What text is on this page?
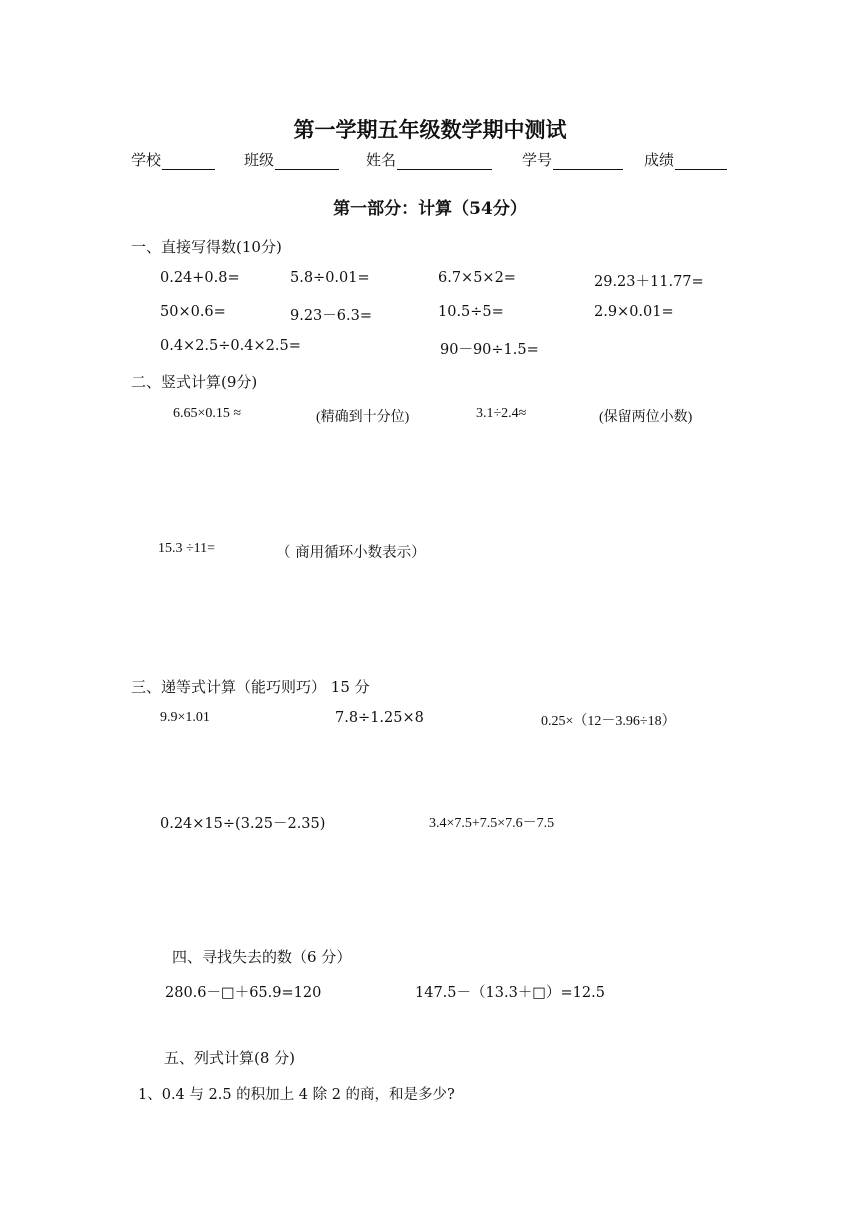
第一学期五年级数学期中测试
学校	班级	姓名	学号	成绩
第一部分：计算（54分）
一、直接写得数(10分)
0.24+0.8=	5.8÷0.01=	6.7×5×2=	29.23＋11.77=
50×0.6=	9.23－6.3=	10.5÷5=	2.9×0.01=
0.4×2.5÷0.4×2.5=	90－90÷1.5=
二、竖式计算(9分)
6.65×0.15 ≈	(精确到十分位)	3.1÷2.4≈	(保留两位小数)
15.3 ÷11=	（ 商用循环小数表示）
三、递等式计算（能巧则巧） 15 分
9.9×1.01	7.8÷1.25×8	0.25×（12－3.96÷18）
0.24×15÷(3.25－2.35)	3.4×7.5+7.5×7.6－7.5
四、寻找失去的数（6 分）
280.6－□＋65.9=120	147.5－（13.3＋□）=12.5
五、列式计算(8 分)
1、0.4 与 2.5 的积加上 4 除 2 的商，和是多少?
